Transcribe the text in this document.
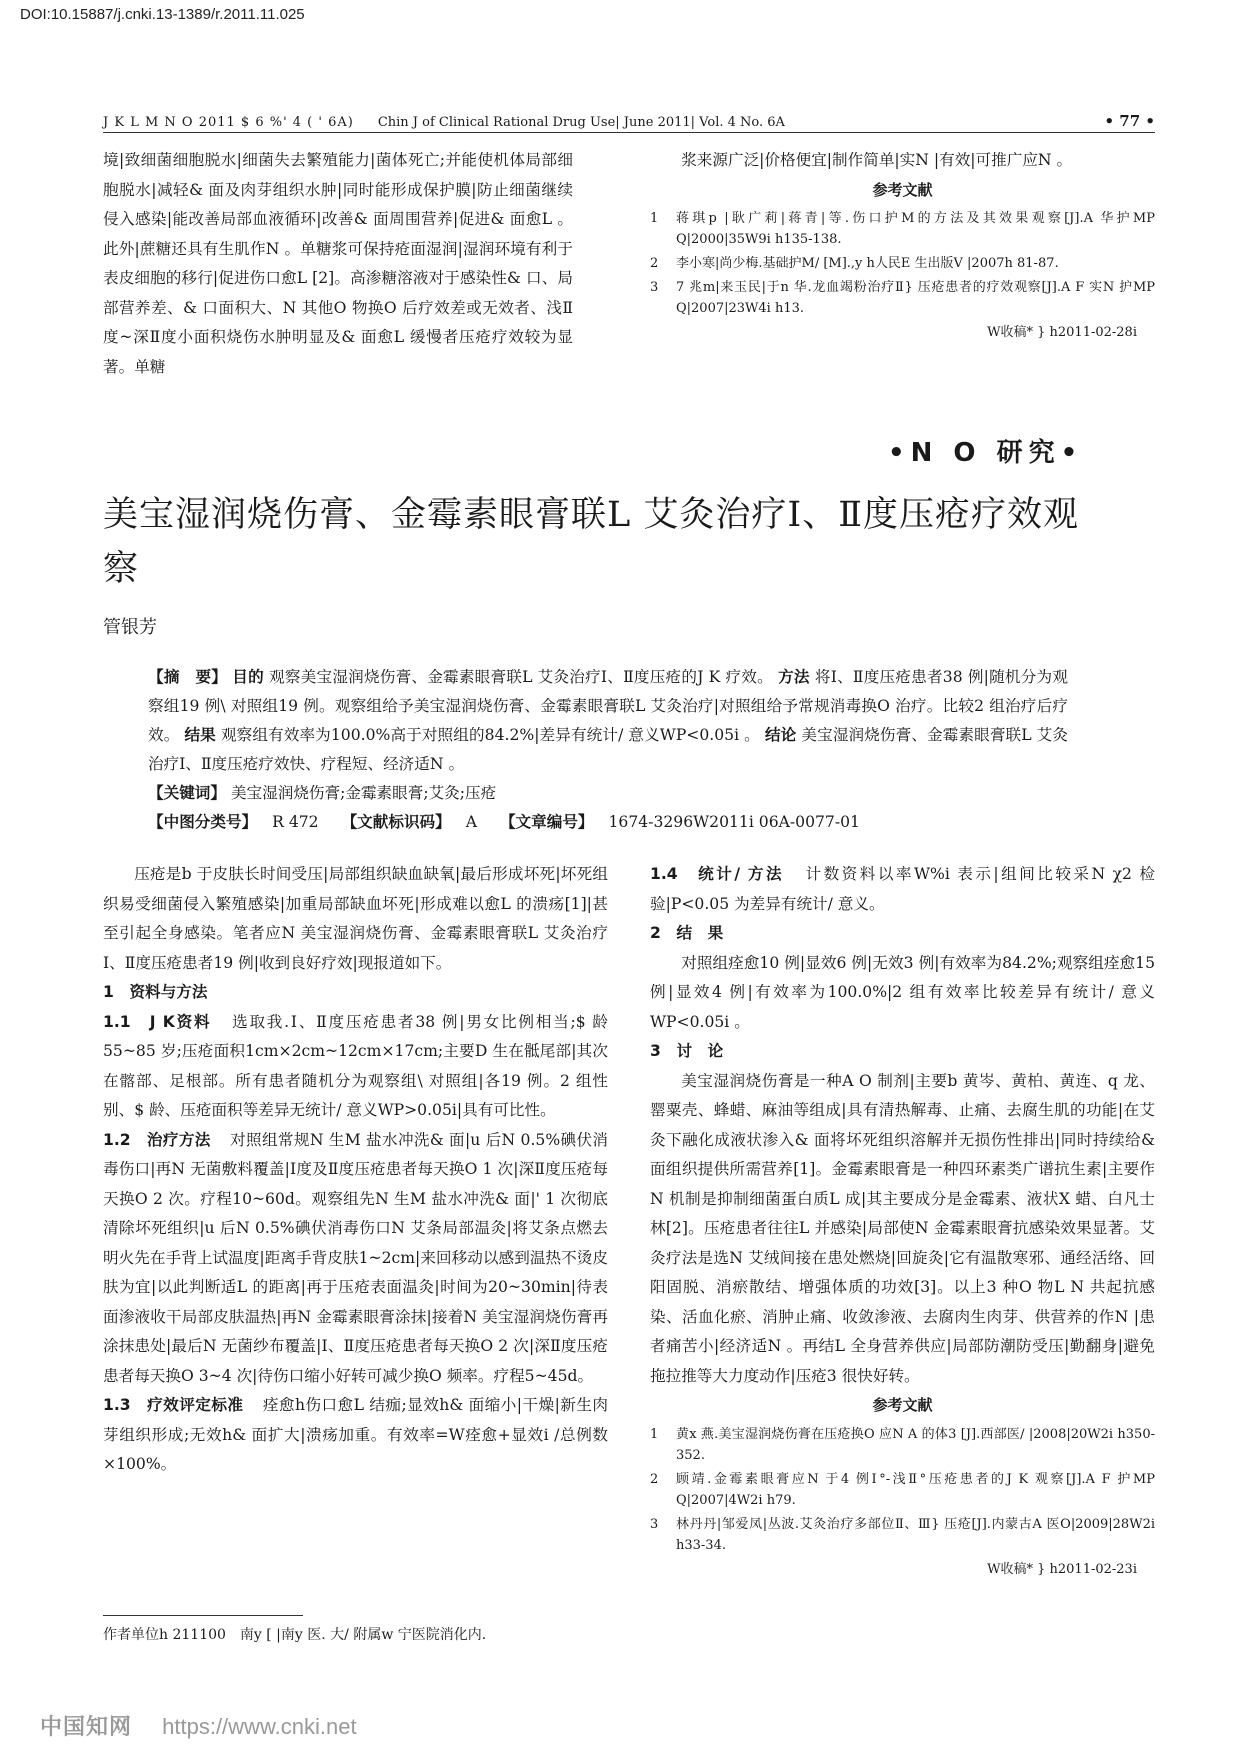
DOI:10.15887/j.cnki.13-1389/r.2011.11.025
J K L M N O 2011 $ 6 %' 4 ( ' 6A) Chin J of Clinical Rational Drug Use| June 2011| Vol. 4 No. 6A	• 77 •

境|致细菌细胞脱水|细菌失去繁殖能力|菌体死亡;并能使机体局部细胞脱水|减轻& 面及肉芽组织水肿|同时能形成保护膜|防止细菌继续侵入感染|能改善局部血液循环|改善& 面周围营养|促进& 面愈L 。此外|蔗糖还具有生肌作N 。单糖浆可保持疮面湿润|湿润环境有利于表皮细胞的移行|促进伤口愈L [2]。高渗糖溶液对于感染性& 口、局部营养差、& 口面积大、N 其他O 物换O 后疗效差或无效者、浅Ⅱ度~深Ⅱ度小面积烧伤水肿明显及& 面愈L 缓慢者压疮疗效较为显著。单糖

浆来源广泛|价格便宜|制作简单|实N |有效|可推广应N 。

参考文献

1	蒋琪p |耿广莉|蒋青|等.伤口护M的方法及其效果观察[J].A 华护MP Q|2000|35W9i h135-138.
2	李小寒|尚少梅.基础护M/ [M].,y h人民E 生出版V |2007h 81-87.
3	7 兆m|来玉民|于n 华.龙血竭粉治疗Ⅱ} 压疮患者的疗效观察[J].A F 实N 护MP Q|2007|23W4i h13.
W收稿* } h2011-02-28i
•N O 研究•
美宝湿润烧伤膏、金霉素眼膏联L 艾灸治疗Ⅰ、Ⅱ度压疮疗效观察
管银芳

【摘　要】 目的 观察美宝湿润烧伤膏、金霉素眼膏联L 艾灸治疗Ⅰ、Ⅱ度压疮的J K 疗效。 方法 将Ⅰ、Ⅱ度压疮患者38 例|随机分为观察组19 例\ 对照组19 例。观察组给予美宝湿润烧伤膏、金霉素眼膏联L 艾灸治疗|对照组给予常规消毒换O 治疗。比较2 组治疗后疗效。 结果 观察组有效率为100.0%高于对照组的84.2%|差异有统计/ 意义WP<0.05i 。 结论 美宝湿润烧伤膏、金霉素眼膏联L 艾灸治疗Ⅰ、Ⅱ度压疮疗效快、疗程短、经济适N 。

【关键词】 美宝湿润烧伤膏;金霉素眼膏;艾灸;压疮

【中图分类号】 R 472 【文献标识码】 A 【文章编号】 1674-3296W2011i 06A-0077-01

压疮是b 于皮肤长时间受压|局部组织缺血缺氧|最后形成坏死|坏死组织易受细菌侵入繁殖感染|加重局部缺血坏死|形成难以愈L 的溃疡[1]|甚至引起全身感染。笔者应N 美宝湿润烧伤膏、金霉素眼膏联L 艾灸治疗Ⅰ、Ⅱ度压疮患者19 例|收到良好疗效|现报道如下。

1　资料与方法

1.1　J K资料 选取我.Ⅰ、Ⅱ度压疮患者38 例|男女比例相当;$ 龄55~85 岁;压疮面积1cm×2cm~12cm×17cm;主要D 生在骶尾部|其次在髂部、足根部。所有患者随机分为观察组\ 对照组|各19 例。2 组性别、$ 龄、压疮面积等差异无统计/ 意义WP>0.05i|具有可比性。

1.2　治疗方法 对照组常规N 生M 盐水冲洗& 面|u 后N 0.5%碘伏消毒伤口|再N 无菌敷料覆盖|Ⅰ度及Ⅱ度压疮患者每天换O 1 次|深Ⅱ度压疮每天换O 2 次。疗程10~60d。观察组先N 生M 盐水冲洗& 面|' 1 次彻底清除坏死组织|u 后N 0.5%碘伏消毒伤口N 艾条局部温灸|将艾条点燃去明火先在手背上试温度|距离手背皮肤1~2cm|来回移动以感到温热不烫皮肤为宜|以此判断适L 的距离|再于压疮表面温灸|时间为20~30min|待表面渗液收干局部皮肤温热|再N 金霉素眼膏涂抹|接着N 美宝湿润烧伤膏再涂抹患处|最后N 无菌纱布覆盖|Ⅰ、Ⅱ度压疮患者每天换O 2 次|深Ⅱ度压疮患者每天换O 3~4 次|待伤口缩小好转可减少换O 频率。疗程5~45d。

1.3　疗效评定标准 痊愈h伤口愈L 结痂;显效h& 面缩小|干燥|新生肉芽组织形成;无效h& 面扩大|溃疡加重。有效率=W痊愈+显效i /总例数×100%。

作者单位h 211100　南y [ |南y 医. 大/ 附属w 宁医院消化内.

1.4　统计/ 方法 计数资料以率W%i 表示|组间比较采N χ2 检验|P<0.05 为差异有统计/ 意义。

2　结　果

对照组痊愈10 例|显效6 例|无效3 例|有效率为84.2%;观察组痊愈15 例|显效4 例|有效率为100.0%|2 组有效率比较差异有统计/ 意义WP<0.05i 。

3　讨　论

美宝湿润烧伤膏是一种A O 制剂|主要b 黄岑、黄柏、黄连、q 龙、罂粟壳、蜂蜡、麻油等组成|具有清热解毒、止痛、去腐生肌的功能|在艾灸下融化成液状渗入& 面将坏死组织溶解并无损伤性排出|同时持续给& 面组织提供所需营养[1]。金霉素眼膏是一种四环素类广谱抗生素|主要作N 机制是抑制细菌蛋白质L 成|其主要成分是金霉素、液状X 蜡、白凡士林[2]。压疮患者往往L 并感染|局部使N 金霉素眼膏抗感染效果显著。艾灸疗法是选N 艾绒间接在患处燃烧|回旋灸|它有温散寒邪、通经活络、回阳固脱、消瘀散结、增强体质的功效[3]。以上3 种O 物L N 共起抗感染、活血化瘀、消肿止痛、收敛渗液、去腐肉生肉芽、供营养的作N |患者痛苦小|经济适N 。再结L 全身营养供应|局部防潮防受压|勤翻身|避免拖拉推等大力度动作|压疮3 很快好转。

参考文献

1	黄x 燕.美宝湿润烧伤膏在压疮换O 应N A 的体3 [J].西部医/ |2008|20W2i h350-352.
2	顾靖.金霉素眼膏应N 于4 例Ⅰ°-浅Ⅱ°压疮患者的J K 观察[J].A F 护MP Q|2007|4W2i h79.
3	林丹丹|邹爱凤|丛波.艾灸治疗多部位Ⅱ、Ⅲ} 压疮[J].内蒙古A 医O|2009|28W2i h33-34.
W收稿* } h2011-02-23i
中国知网 https://www.cnki.net
